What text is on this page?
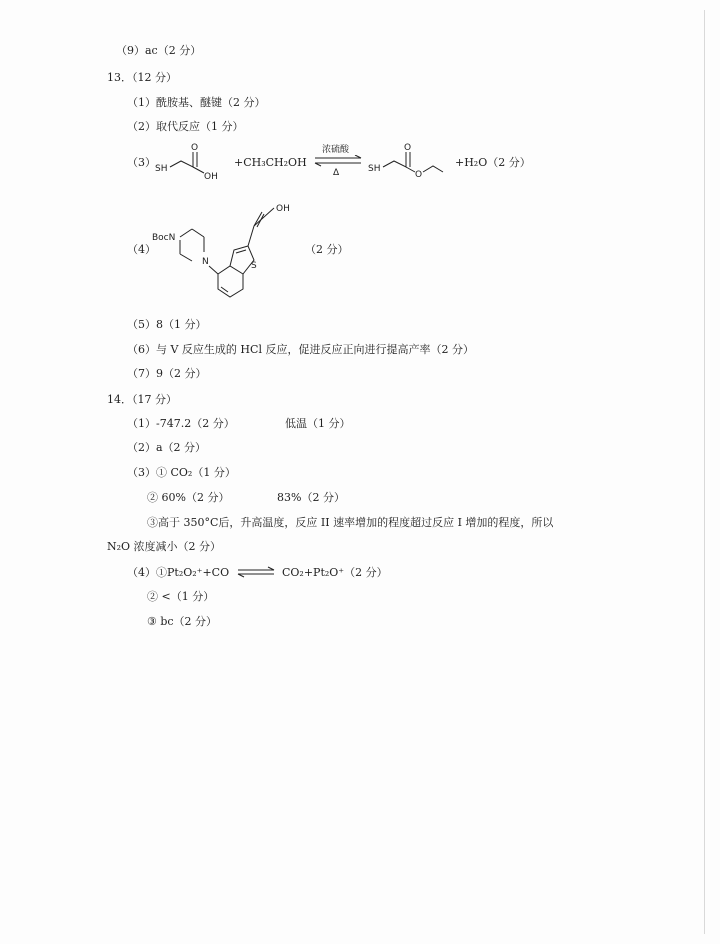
（9）ac（2 分）
13．（12 分）
（1）酰胺基、醚键（2 分）
（2）取代反应（1 分）
（3） SH
O
OH
+CH₃CH₂OH
浓硫酸
Δ	SH
O
O
+H₂O（2 分）
（4）
BocN
N	S
OH
（2 分）
（5）8（1 分）
（6）与 V 反应生成的 HCl 反应，促进反应正向进行提高产率（2 分）
（7）9（2 分）
14．（17 分）
（1）-747.2（2 分）	低温（1 分）
（2）a（2 分）
（3）① CO₂（1 分）
② 60%（2 分）	83%（2 分）
③高于 350°C后，升高温度，反应 II 速率增加的程度超过反应 I 增加的程度，所以
N₂O 浓度减小（2 分）
（4）①Pt₂O₂⁺+CO ⇌ CO₂+Pt₂O⁺（2 分）
② <（1 分）
③ bc（2 分）
